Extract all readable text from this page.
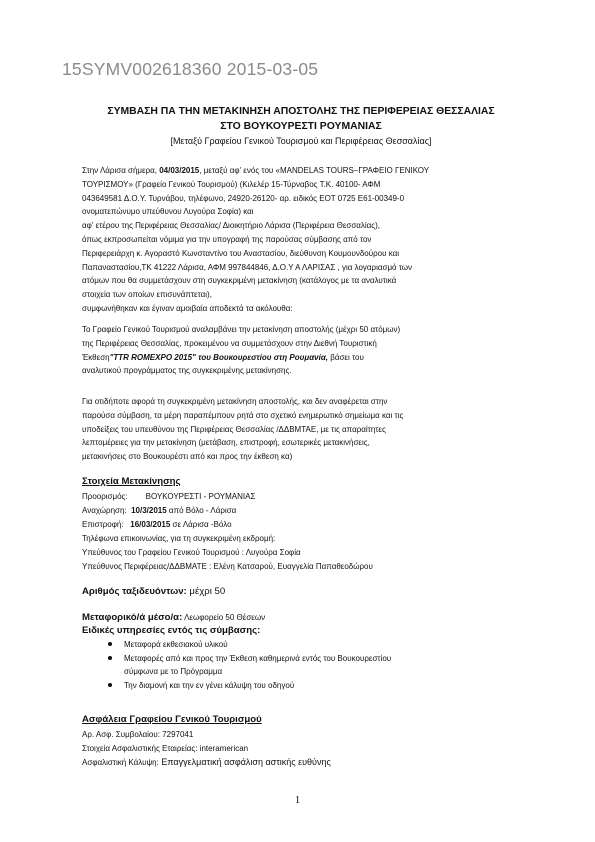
15SYMV002618360 2015-03-05
ΣΥΜΒΑΣΗ ΠΑ ΤΗΝ ΜΕΤΑΚΙΝΗΣΗ ΑΠΟΣΤΟΛΗΣ ΤΗΣ ΠΕΡΙΦΕΡΕΙΑΣ ΘΕΣΣΑΛΙΑΣ
ΣΤΟ ΒΟΥΚΟΥΡΕΣΤΙ ΡΟΥΜΑΝΙΑΣ
[Μεταξύ Γραφείου Γενικού Τουρισμού και Περιφέρειας Θεσσαλίας]

Στην Λάρισα σήμερα, 04/03/2015, μεταξύ αφ' ενός του «MANDELAS TOURS–ΓΡΑΦΕΙΟ ΓΕΝΙΚΟΥ

ΤΟΥΡΙΣΜΟΥ» (Γραφείο Γενικού Τουρισμού) (Κιλελέρ 15-Τύρναβος Τ.Κ. 40100- ΑΦΜ

043649581 Δ.Ο.Υ. Τυρνάβου, τηλέφωνο, 24920-26120- αρ. ειδικός ΕΟΤ 0725 Ε61-00349-0

ονοματεπώνυμο υπεύθυνου Λυγούρα Σοφία) και

αφ' ετέρου της Περιφέρειας Θεσσαλίας/ Διοικητήριο Λάρισα (Περιφέρεια Θεσσαλίας),

όπως εκπροσωπείται νόμιμα για την υπογραφή της παρούσας σύμβασης από τον

Περιφερειάρχη κ. Αγοραστό Κωνσταντίνο του Αναστασίου, διεύθυνση Κουμουνδούρου και

Παπαναστασίου,ΤΚ 41222 Λάρισα, ΑΦΜ 997844846, Δ.Ο.Υ Α ΛΑΡΙΣΑΣ , για λογαριασμό των

ατόμων που θα συμμετάσχουν στη συγκεκριμένη μετακίνηση (κατάλογος με τα αναλυτικά

στοιχεία των οποίων επισυνάπτεται),

συμφωνήθηκαν και έγιναν αμοιβαία αποδεκτά τα ακόλουθα:

Το Γραφείο Γενικού Τουρισμού αναλαμβάνει την μετακίνηση αποστολής (μέχρι 50 ατόμων)

της Περιφέρειας Θεσσαλίας, προκειμένου να συμμετάσχουν στην Διεθνή Τουριστική

Έκθεση"TTR ROMEXPO 2015" του Βουκουρεστίου στη Ρουμανία, βάσει του

αναλυτικού προγράμματος της συγκεκριμένης μετακίνησης.

Για οτιδήποτε αφορά τη συγκεκριμένη μετακίνηση αποστολής, και δεν αναφέρεται στην

παρούσα σύμβαση, τα μέρη παραπέμπουν ρητά στο σχετικό ενημερωτικό σημείωμα και τις

υποδείξεις του υπευθύνου της Περιφέρειας Θεσσαλίας /ΔΔΒΜΤΑΕ, με τις απαραίτητες

λεπτομέρειες για την μετακίνηση (μετάβαση, επιστροφή, εσωτερικές μετακινήσεις,

μετακινήσεις στο Βουκουρέστι από και προς την έκθεση κα)

Στοιχεία Μετακίνησης
Προορισμός: ΒΟΥΚΟΥΡΕΣΤΙ - ΡΟΥΜΑΝΙΑΣ
Αναχώρηση: 10/3/2015 από Βόλο - Λάρισα
Επιστροφή: 16/03/2015 σε Λάρισα -Βόλο
Τηλέφωνα επικοινωνίας, για τη συγκεκριμένη εκδρομή:
Υπεύθυνος του Γραφείου Γενικού Τουρισμού : Λυγούρα Σοφία
Υπεύθυνος Περιφέρειας/ΔΔΒΜΑΤΕ : Ελένη Κατσαρού, Ευαγγελία Παπαθεοδώρου
Αριθμός ταξιδευόντων: μέχρι 50
Μεταφορικό/ά μέσο/α: Λεωφορείο 50 Θέσεων
Ειδικές υπηρεσίες εντός τις σύμβασης:
Μεταφορά εκθεσιακού υλικού
Μεταφορές από και προς την Έκθεση καθημερινά εντός του Βουκουρεστίου
σύμφωνα με το Πρόγραμμα
Την διαμονή και την εν γένει κάλυψη του οδηγού
Ασφάλεια Γραφείου Γενικού Τουρισμού
Αρ. Ασφ. Συμβολαίου: 7297041
Στοιχεία Ασφαλιστικής Εταιρείας: interamerican
Ασφαλιστική Κάλυψη: Επαγγελματική ασφάλιση αστικής ευθύνης
1
